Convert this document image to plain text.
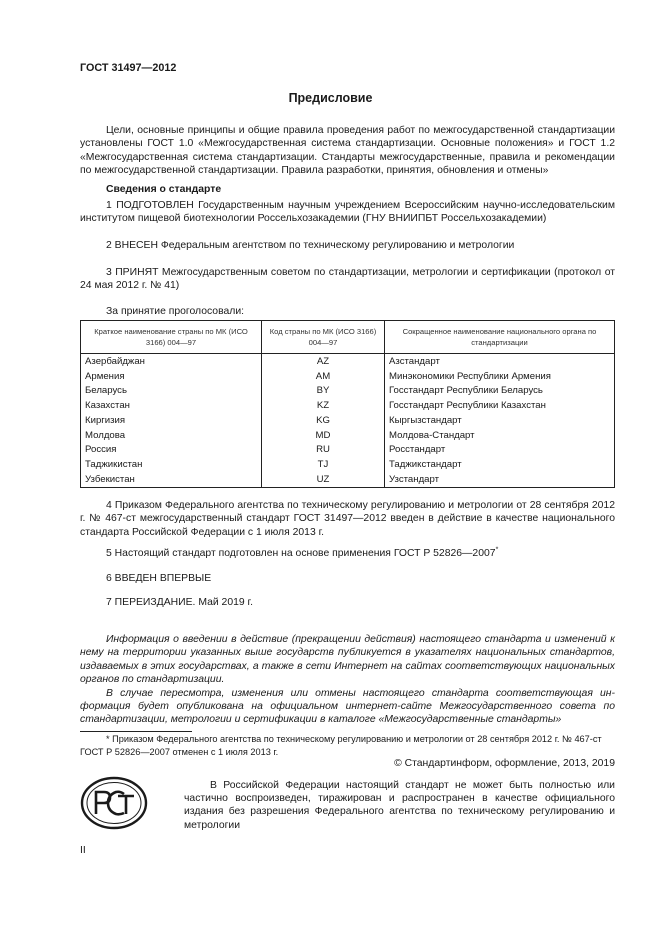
ГОСТ 31497—2012
Предисловие

Цели, основные принципы и общие правила проведения работ по межгосударственной стандартизации установлены ГОСТ 1.0 «Межгосударственная система стандартизации. Основные положения» и ГОСТ 1.2 «Межгосударственная система стандартизации. Стандарты межгосударственные, правила и рекомендации по межгосударственной стандартизации. Правила разработки, принятия, обновления и отмены»

Сведения о стандарте

1 ПОДГОТОВЛЕН Государственным научным учреждением Всероссийским научно-исследовательским институтом пищевой биотехнологии Россельхозакадемии (ГНУ ВНИИПБТ Россельхозакадемии)

2 ВНЕСЕН Федеральным агентством по техническому регулированию и метрологии

3 ПРИНЯТ Межгосударственным советом по стандартизации, метрологии и сертификации (протокол от 24 мая 2012 г. № 41)

За принятие проголосовали:

Краткое наименование страны по МК (ИСО 3166) 004—97	Код страны по МК (ИСО 3166) 004—97	Сокращенное наименование национального органа по стандартизации
Азербайджан	AZ	Азстандарт
Армения	AM	Минэкономики Республики Армения
Беларусь	BY	Госстандарт Республики Беларусь
Казахстан	KZ	Госстандарт Республики Казахстан
Киргизия	KG	Кыргызстандарт
Молдова	MD	Молдова-Стандарт
Россия	RU	Росстандарт
Таджикистан	TJ	Таджикстандарт
Узбекистан	UZ	Узстандарт

4 Приказом Федерального агентства по техническому регулированию и метрологии от 28 сентября 2012 г. № 467-ст межгосударственный стандарт ГОСТ 31497—2012 введен в действие в качестве национального стандарта Российской Федерации с 1 июля 2013 г.

5 Настоящий стандарт подготовлен на основе применения ГОСТ Р 52826—2007*

6 ВВЕДЕН ВПЕРВЫЕ

7 ПЕРЕИЗДАНИЕ. Май 2019 г.

Информация о введении в действие (прекращении действия) настоящего стандарта и изменений к нему на территории указанных выше государств публикуется в указателях национальных стандартов, издаваемых в этих государствах, а также в сети Интернет на сайтах соответствующих национальных органов по стандартизации.

В случае пересмотра, изменения или отмены настоящего стандарта соответствующая информация будет опубликована на официальном интернет-сайте Межгосударственного совета по стандартизации, метрологии и сертификации в каталоге «Межгосударственные стандарты»

* Приказом Федерального агентства по техническому регулированию и метрологии от 28 сентября 2012 г. № 467-ст ГОСТ Р 52826—2007 отменен с 1 июля 2013 г.

© Стандартинформ, оформление, 2013, 2019

В Российской Федерации настоящий стандарт не может быть полностью или частично воспроизведен, тиражирован и распространен в качестве официального издания без разрешения Федерального агентства по техническому регулированию и метрологии

II
